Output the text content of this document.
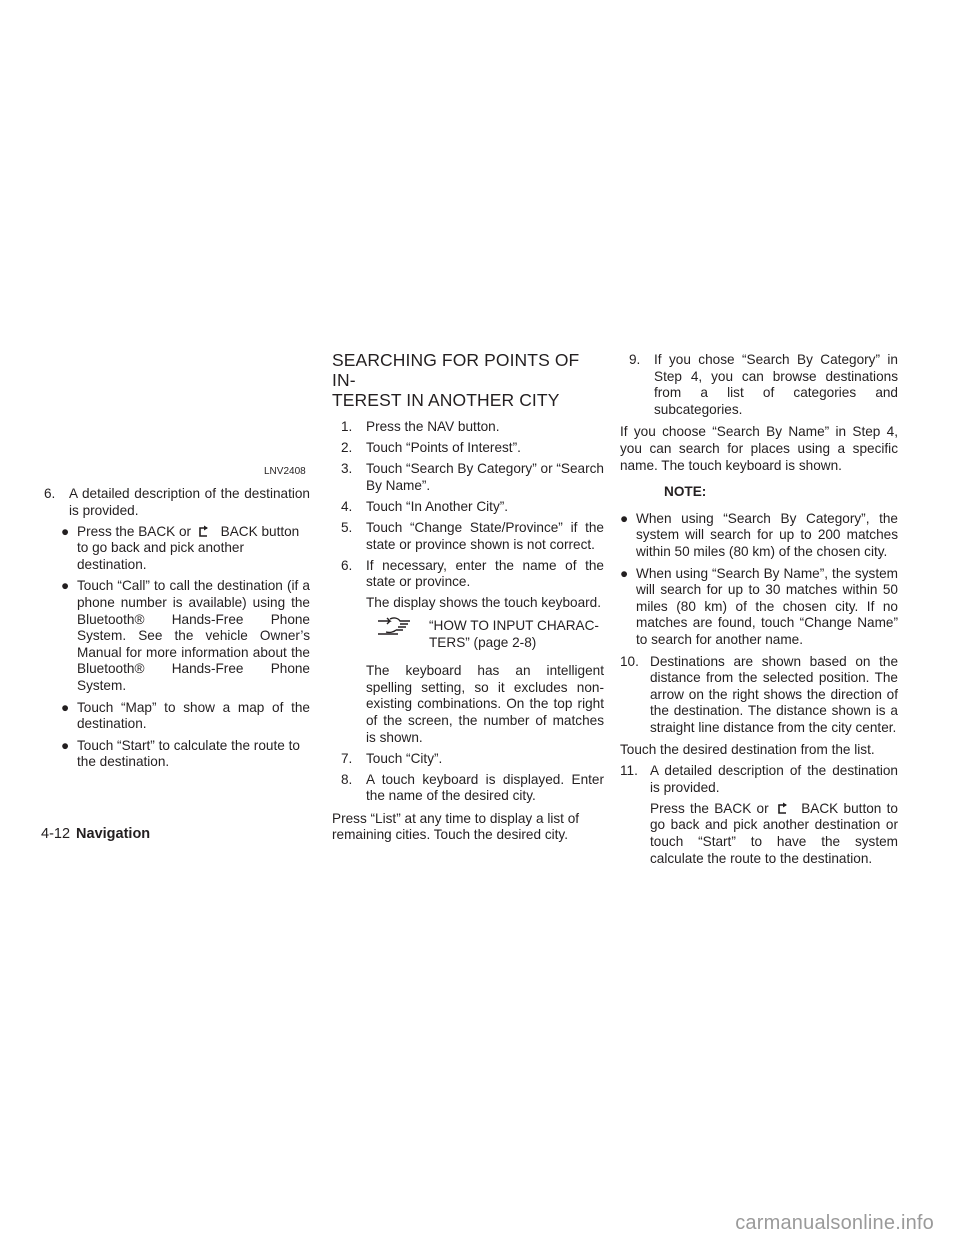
LNV2408
6. A detailed description of the destination is provided.
● Press the BACK or BACK button to go back and pick another destination.
● Touch “Call” to call the destination (if a phone number is available) using the Bluetooth® Hands-Free Phone System. See the vehicle Owner’s Manual for more information about the Bluetooth® Hands-Free Phone System.
● Touch “Map” to show a map of the destination.
● Touch “Start” to calculate the route to the destination.
SEARCHING FOR POINTS OF IN-
TEREST IN ANOTHER CITY
1. Press the NAV button.
2. Touch “Points of Interest”.
3. Touch “Search By Category” or “Search By Name”.
4. Touch “In Another City”.
5. Touch “Change State/Province” if the state or province shown is not correct.
6. If necessary, enter the name of the state or province.
The display shows the touch keyboard.
“HOW TO INPUT CHARAC-
TERS” (page 2-8)
The keyboard has an intelligent spelling setting, so it excludes non-existing combinations. On the top right of the screen, the number of matches is shown.
7. Touch “City”.
8. A touch keyboard is displayed. Enter the name of the desired city.

Press “List” at any time to display a list of remaining cities. Touch the desired city.

9. If you chose “Search By Category” in Step 4, you can browse destinations from a list of categories and subcategories.

If you choose “Search By Name” in Step 4, you can search for places using a specific name. The touch keyboard is shown.

NOTE:
● When using “Search By Category”, the system will search for up to 200 matches within 50 miles (80 km) of the chosen city.
● When using “Search By Name”, the system will search for up to 30 matches within 50 miles (80 km) of the chosen city. If no matches are found, touch “Change Name” to search for another name.
10. Destinations are shown based on the distance from the selected position. The arrow on the right shows the direction of the destination. The distance shown is a straight line distance from the city center.

Touch the desired destination from the list.

11. A detailed description of the destination is provided.
Press the BACK or BACK button to go back and pick another destination or touch “Start” to have the system calculate the route to the destination.
4-12 Navigation
carmanualsonline.info
